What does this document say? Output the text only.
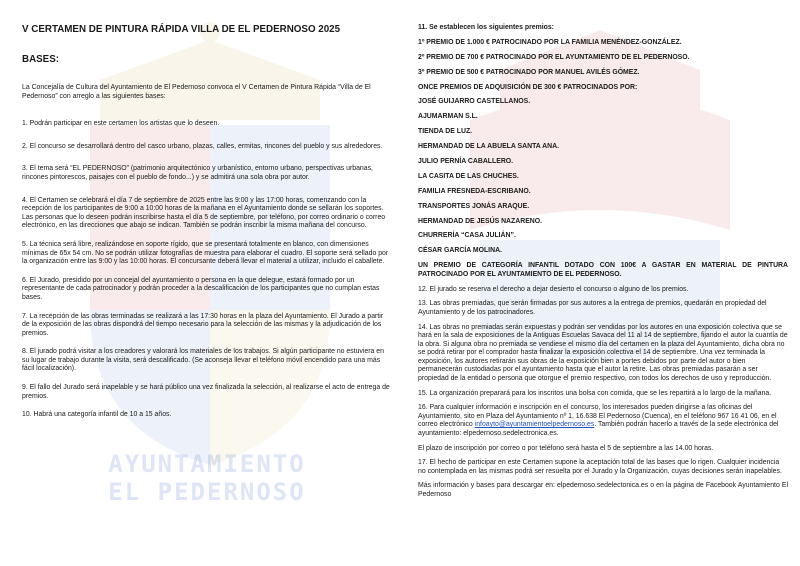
AYUNTAMIENTO
EL PEDERNOSO
V CERTAMEN DE PINTURA RÁPIDA VILLA DE EL PEDERNOSO 2025
BASES:

La Concejalía de Cultura del Ayuntamiento de El Pedernoso convoca el V Certamen de Pintura Rápida “Villa de El Pedernoso” con arreglo a las siguientes bases:

1. Podrán participar en este certamen los artistas que lo deseen.

2. El concurso se desarrollará dentro del casco urbano, plazas, calles, ermitas, rincones del pueblo y sus alrededores.

3. El tema será “EL PEDERNOSO” (patrimonio arquitectónico y urbanístico, entorno urbano, perspectivas urbanas, rincones pintorescos, paisajes con el pueblo de fondo...) y se admitirá una sola obra por autor.

4. El Certamen se celebrará el día 7 de septiembre de 2025 entre las 9:00 y las 17:00 horas, comenzando con la recepción de los participantes de 9:00 a 10:00 horas de la mañana en el Ayuntamiento donde se sellarán los soportes. Las personas que lo deseen podrán inscribirse hasta el día 5 de septiembre, por teléfono, por correo ordinario o correo electrónico, en las direcciones que abajo se indican. También se podrán inscribir la misma mañana del concurso.

5. La técnica será libre, realizándose en soporte rígido, que se presentará totalmente en blanco, con dimensiones mínimas de 65x 54 cm. No se podrán utilizar fotografías de muestra para elaborar el cuadro. El soporte será sellado por la organización entre las 9:00 y las 10:00 horas. El concursante deberá llevar el material a utilizar, incluido el caballete.

6. El Jurado, presidido por un concejal del ayuntamiento o persona en la que delegue, estará formado por un representante de cada patrocinador y podrán proceder a la descalificación de los participantes que no cumplan estas bases.

7. La recepción de las obras terminadas se realizará a las 17:30 horas en la plaza del Ayuntamiento. El Jurado a partir de la exposición de las obras dispondrá del tiempo necesario para la selección de las mismas y la adjudicación de los premios.

8. El jurado podrá visitar a los creadores y valorará los materiales de los trabajos. Si algún participante no estuviera en su lugar de trabajo durante la visita, será descalificado. (Se aconseja llevar el teléfono móvil encendido para una más fácil localización).

9. El fallo del Jurado será inapelable y se hará público una vez finalizada la selección, al realizarse el acto de entrega de premios.

10. Habrá una categoría infantil de 10 a 15 años.

11. Se establecen los siguientes premios:

1º PREMIO DE 1.000 € PATROCINADO POR LA FAMILIA MENÉNDEZ-GONZÁLEZ.

2º PREMIO DE 700 € PATROCINADO POR EL AYUNTAMIENTO DE EL PEDERNOSO.

3º PREMIO DE 500 € PATROCINADO POR MANUEL AVILÉS GÓMEZ.

ONCE PREMIOS DE ADQUISICIÓN DE 300 € PATROCINADOS POR:

JOSÉ GUIJARRO CASTELLANOS.

AJUMARMAN S.L.

TIENDA DE LUZ.

HERMANDAD DE LA ABUELA SANTA ANA.

JULIO PERNÍA CABALLERO.

LA CASITA DE LAS CHUCHES.

FAMILIA FRESNEDA-ESCRIBANO.

TRANSPORTES JONÁS ARAQUE.

HERMANDAD DE JESÚS NAZARENO.

CHURRERÍA “CASA JULIÁN”.

CÉSAR GARCÍA MOLINA.

UN PREMIO DE CATEGORÍA INFANTIL DOTADO CON 100€ A GASTAR EN MATERIAL DE PINTURA PATROCINADO POR EL AYUNTAMIENTO DE EL PEDERNOSO.

12. El jurado se reserva el derecho a dejar desierto el concurso o alguno de los premios.

13. Las obras premiadas, que serán firmadas por sus autores a la entrega de premios, quedarán en propiedad del Ayuntamiento y de los patrocinadores.

14. Las obras no premiadas serán expuestas y podrán ser vendidas por los autores en una exposición colectiva que se hará en la sala de exposiciones de la Antiguas Escuelas Savaca del 11 al 14 de septiembre, fijando el autor la cuantía de la obra. Si alguna obra no premiada se vendiese el mismo día del certamen en la plaza del Ayuntamiento, dicha obra no se podrá retirar por el comprador hasta finalizar la exposición colectiva el 14 de septiembre. Una vez terminada la exposición, los autores retirarán sus obras de la exposición bien a portes debidos por parte del autor o bien permanecerán custodiadas por el ayuntamiento hasta que el autor la retire. Las obras premiadas pasarán a ser propiedad de la entidad o persona que otorgue el premio respectivo, con todos los derechos de uso y reproducción.

15. La organización preparará para los inscritos una bolsa con comida, que se les repartirá a lo largo de la mañana.

16. Para cualquier información e inscripción en el concurso, los interesados pueden dirigirse a las oficinas del Ayuntamiento, sito en Plaza del Ayuntamiento nº 1, 16.638 El Pedernoso (Cuenca), en el teléfono 967 16 41 06, en el correo electrónico infoayto@ayuntamientoelpedernoso.es. También podrán hacerlo a través de la sede electrónica del ayuntamiento: elpedernoso.sedelectronica.es.

El plazo de inscripción por correo o por teléfono será hasta el 5 de septiembre a las 14.00 horas.

17. El hecho de participar en este Certamen supone la aceptación total de las bases que lo rigen. Cualquier incidencia no contemplada en las mismas podrá ser resuelta por el Jurado y la Organización, cuyas decisiones serán inapelables.

Más información y bases para descargar en: elpedernoso.sedelectonica.es o en la página de Facebook Ayuntamiento El Pedernoso
